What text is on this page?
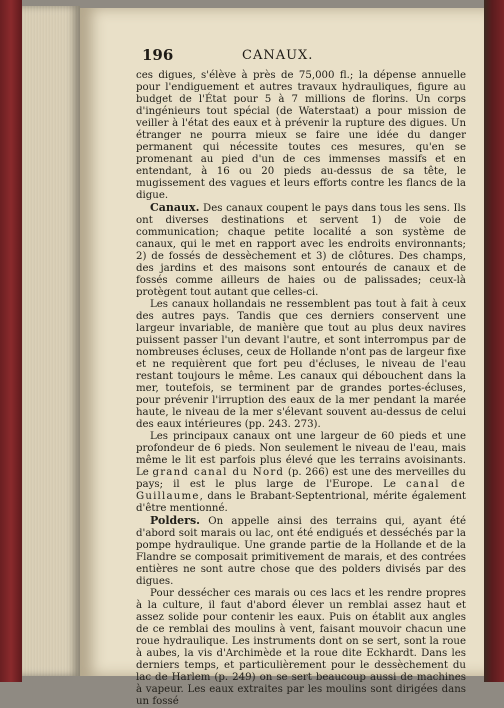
196	CANAUX.

ces digues, s'élève à près de 75,000 fl.; la dépense annuelle pour l'endiguement et autres travaux hydrauliques, figure au budget de l'État pour 5 à 7 millions de florins. Un corps d'ingénieurs tout spécial (de Waterstaat) a pour mission de veiller à l'état des eaux et à prévenir la rupture des digues. Un étranger ne pourra mieux se faire une idée du danger permanent qui nécessite toutes ces mesures, qu'en se promenant au pied d'un de ces immenses massifs et en entendant, à 16 ou 20 pieds au-dessus de sa tête, le mugissement des vagues et leurs efforts contre les flancs de la digue.

Canaux. Des canaux coupent le pays dans tous les sens. Ils ont diverses destinations et servent 1) de voie de communication; chaque petite localité a son système de canaux, qui le met en rapport avec les endroits environnants; 2) de fossés de dessèchement et 3) de clôtures. Des champs, des jardins et des maisons sont entourés de canaux et de fossés comme ailleurs de haies ou de palissades; ceux-là protègent tout autant que celles-ci.

Les canaux hollandais ne ressemblent pas tout à fait à ceux des autres pays. Tandis que ces derniers conservent une largeur invariable, de manière que tout au plus deux navires puissent passer l'un devant l'autre, et sont interrompus par de nombreuses écluses, ceux de Hollande n'ont pas de largeur fixe et ne requièrent que fort peu d'écluses, le niveau de l'eau restant toujours le même. Les canaux qui débouchent dans la mer, toutefois, se terminent par de grandes portes-écluses, pour prévenir l'irruption des eaux de la mer pendant la marée haute, le niveau de la mer s'élevant souvent au-dessus de celui des eaux intérieures (pp. 243. 273).

Les principaux canaux ont une largeur de 60 pieds et une profondeur de 6 pieds. Non seulement le niveau de l'eau, mais même le lit est parfois plus élevé que les terrains avoisinants. Le grand canal du Nord (p. 266) est une des merveilles du pays; il est le plus large de l'Europe. Le canal de Guillaume, dans le Brabant-Septentrional, mérite également d'être mentionné.

Polders. On appelle ainsi des terrains qui, ayant été d'abord soit marais ou lac, ont été endigués et desséchés par la pompe hydraulique. Une grande partie de la Hollande et de la Flandre se composait primitivement de marais, et des contrées entières ne sont autre chose que des polders divisés par des digues.

Pour dessécher ces marais ou ces lacs et les rendre propres à la culture, il faut d'abord élever un remblai assez haut et assez solide pour contenir les eaux. Puis on établit aux angles de ce remblai des moulins à vent, faisant mouvoir chacun une roue hydraulique. Les instruments dont on se sert, sont la roue à aubes, la vis d'Archimède et la roue dite Eckhardt. Dans les derniers temps, et particulièrement pour le dessèchement du lac de Harlem (p. 249) on se sert beaucoup aussi de machines à vapeur. Les eaux extraites par les moulins sont dirigées dans un fossé
